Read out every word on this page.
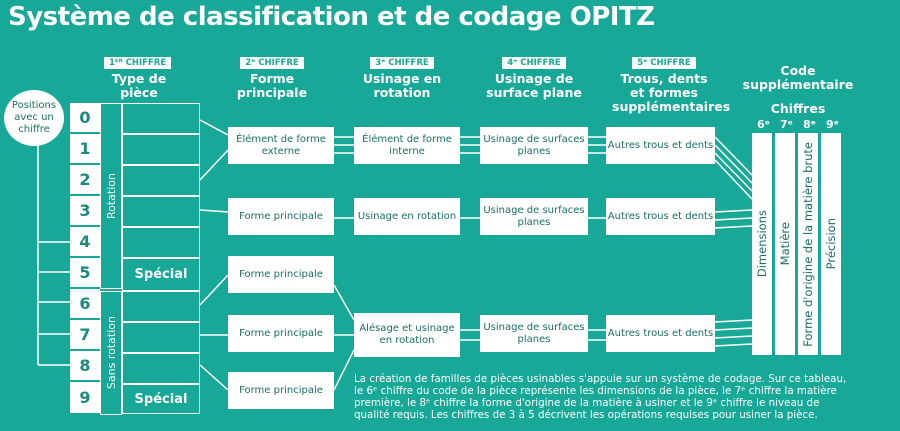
Système de classification et de codage OPITZ
1ᴱᴿ CHIFFRE
Type de pièce
2ᵉ CHIFFRE
Forme principale
3ᵉ CHIFFRE
Usinage en rotation
4ᵉ CHIFFRE
Usinage de surface plane
5ᵉ CHIFFRE
Trous, dents et formes supplémentaires
Code supplémentaire
Chiffres
Positions avec un chiffre
0
1
2
3
4
5
6
7
8
9
Rotation
Sans rotation
Spécial
Spécial
Élément de forme externe
Forme principale
Forme principale
Forme principale
Forme principale
Élément de forme interne
Usinage en rotation
Alésage et usinage en rotation
Usinage de surfaces planes
Usinage de surfaces planes
Usinage de surfaces planes
Autres trous et dents
Autres trous et dents
Autres trous et dents
6ᵉ 7ᵉ 8ᵉ 9ᵉ
Dimensions Matière Forme d'origine de la matière brute Précision
La création de familles de pièces usinables s'appuie sur un système de codage. Sur ce tableau, le 6ᵉ chiffre du code de la pièce représente les dimensions de la pièce, le 7ᵉ chiffre la matière première, le 8ᵉ chiffre la forme d'origine de la matière à usiner et le 9ᵉ chiffre le niveau de qualité requis. Les chiffres de 3 à 5 décrivent les opérations requises pour usiner la pièce.
